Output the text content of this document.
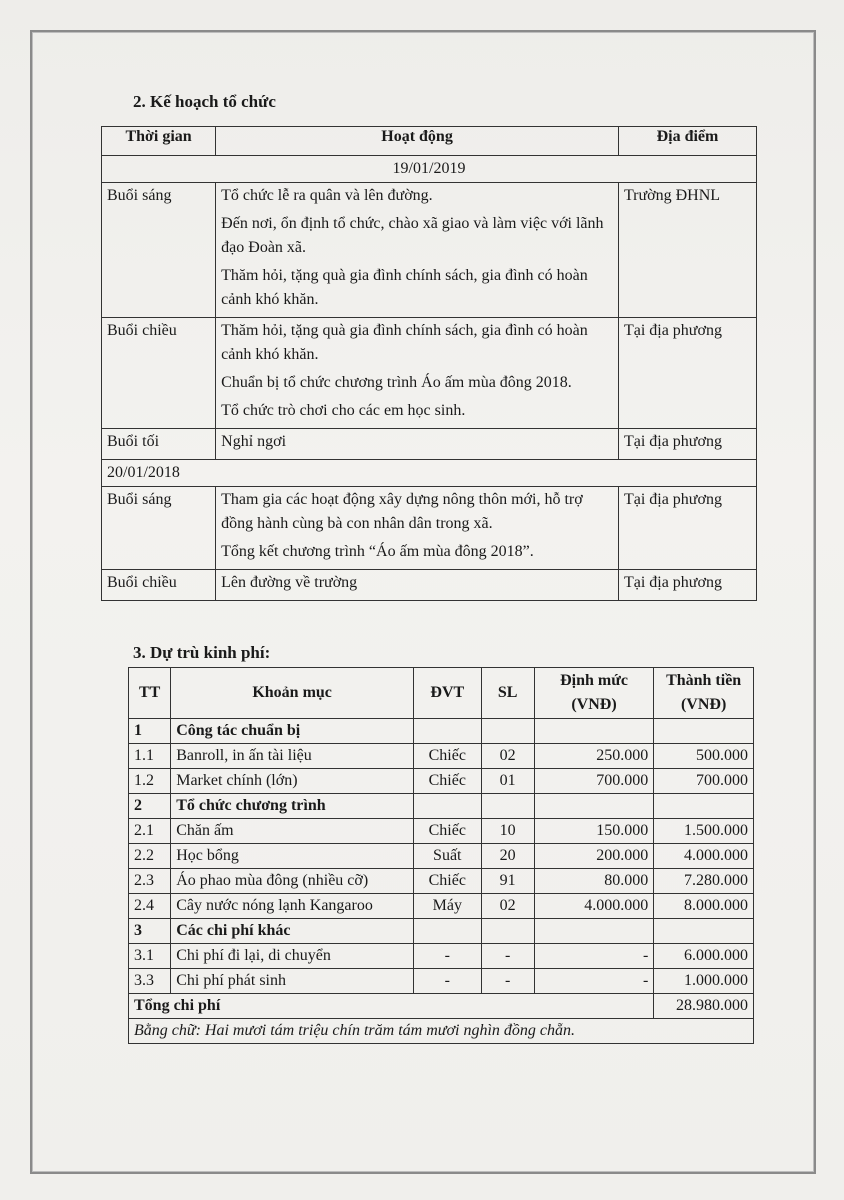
2. Kế hoạch tổ chức
Thời gian	Hoạt động	Địa điểm
19/01/2019		
Buổi sáng	Tổ chức lễ ra quân và lên đường.

Đến nơi, ổn định tổ chức, chào xã giao và làm việc với lãnh đạo Đoàn xã.

Thăm hỏi, tặng quà gia đình chính sách, gia đình có hoàn cảnh khó khăn.	Trường ĐHNL
Buổi chiều	Thăm hỏi, tặng quà gia đình chính sách, gia đình có hoàn cảnh khó khăn.

Chuẩn bị tổ chức chương trình Áo ấm mùa đông 2018.

Tổ chức trò chơi cho các em học sinh.	Tại địa phương
Buổi tối	Nghỉ ngơi	Tại địa phương
20/01/2018		
Buổi sáng	Tham gia các hoạt động xây dựng nông thôn mới, hỗ trợ đồng hành cùng bà con nhân dân trong xã.

Tổng kết chương trình “Áo ấm mùa đông 2018”.	Tại địa phương
Buổi chiều	Lên đường về trường	Tại địa phương
3. Dự trù kinh phí:
TT	Khoản mục	ĐVT	SL	Định mức (VNĐ)	Thành tiền (VNĐ)
1	Công tác chuẩn bị				
1.1	Banroll, in ấn tài liệu	Chiếc	02	250.000	500.000
1.2	Market chính (lớn)	Chiếc	01	700.000	700.000
2	Tổ chức chương trình				
2.1	Chăn ấm	Chiếc	10	150.000	1.500.000
2.2	Học bổng	Suất	20	200.000	4.000.000
2.3	Áo phao mùa đông (nhiều cỡ)	Chiếc	91	80.000	7.280.000
2.4	Cây nước nóng lạnh Kangaroo	Máy	02	4.000.000	8.000.000
3	Các chi phí khác				
3.1	Chi phí đi lại, di chuyển	-	-	-	6.000.000
3.3	Chi phí phát sinh	-	-	-	1.000.000
Tổng chi phí					28.980.000
Bằng chữ: Hai mươi tám triệu chín trăm tám mươi nghìn đồng chẵn.					
